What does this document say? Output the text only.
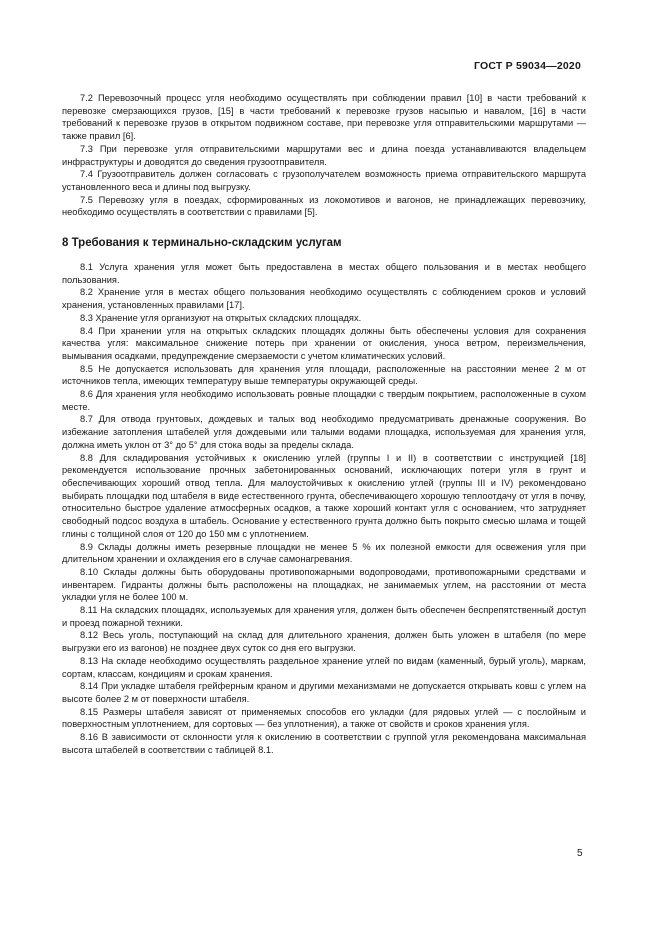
ГОСТ Р 59034—2020

7.2 Перевозочный процесс угля необходимо осуществлять при соблюдении правил [10] в части требований к перевозке смерзающихся грузов, [15] в части требований к перевозке грузов насыпью и навалом, [16] в части требований к перевозке грузов в открытом подвижном составе, при перевозке угля отправительскими маршрутами — также правил [6].

7.3 При перевозке угля отправительскими маршрутами вес и длина поезда устанавливаются владельцем инфраструктуры и доводятся до сведения грузоотправителя.

7.4 Грузоотправитель должен согласовать с грузополучателем возможность приема отправительского маршрута установленного веса и длины под выгрузку.

7.5 Перевозку угля в поездах, сформированных из локомотивов и вагонов, не принадлежащих перевозчику, необходимо осуществлять в соответствии с правилами [5].

8 Требования к терминально-складским услугам

8.1 Услуга хранения угля может быть предоставлена в местах общего пользования и в местах необщего пользования.

8.2 Хранение угля в местах общего пользования необходимо осуществлять с соблюдением сроков и условий хранения, установленных правилами [17].

8.3 Хранение угля организуют на открытых складских площадях.

8.4 При хранении угля на открытых складских площадях должны быть обеспечены условия для сохранения качества угля: максимальное снижение потерь при хранении от окисления, уноса ветром, переизмельчения, вымывания осадками, предупреждение смерзаемости с учетом климатических условий.

8.5 Не допускается использовать для хранения угля площади, расположенные на расстоянии менее 2 м от источников тепла, имеющих температуру выше температуры окружающей среды.

8.6 Для хранения угля необходимо использовать ровные площадки с твердым покрытием, расположенные в сухом месте.

8.7 Для отвода грунтовых, дождевых и талых вод необходимо предусматривать дренажные сооружения. Во избежание затопления штабелей угля дождевыми или талыми водами площадка, используемая для хранения угля, должна иметь уклон от 3° до 5° для стока воды за пределы склада.

8.8 Для складирования устойчивых к окислению углей (группы I и II) в соответствии с инструкцией [18] рекомендуется использование прочных забетонированных оснований, исключающих потери угля в грунт и обеспечивающих хороший отвод тепла. Для малоустойчивых к окислению углей (группы III и IV) рекомендовано выбирать площадки под штабеля в виде естественного грунта, обеспечивающего хорошую теплоотдачу от угля в почву, относительно быстрое удаление атмосферных осадков, а также хороший контакт угля с основанием, что затрудняет свободный подсос воздуха в штабель. Основание у естественного грунта должно быть покрыто смесью шлама и тощей глины с толщиной слоя от 120 до 150 мм с уплотнением.

8.9 Склады должны иметь резервные площадки не менее 5 % их полезной емкости для освежения угля при длительном хранении и охлаждения его в случае самонагревания.

8.10 Склады должны быть оборудованы противопожарными водопроводами, противопожарными средствами и инвентарем. Гидранты должны быть расположены на площадках, не занимаемых углем, на расстоянии от места укладки угля не более 100 м.

8.11 На складских площадях, используемых для хранения угля, должен быть обеспечен беспрепятственный доступ и проезд пожарной техники.

8.12 Весь уголь, поступающий на склад для длительного хранения, должен быть уложен в штабеля (по мере выгрузки его из вагонов) не позднее двух суток со дня его выгрузки.

8.13 На складе необходимо осуществлять раздельное хранение углей по видам (каменный, бурый уголь), маркам, сортам, классам, кондициям и срокам хранения.

8.14 При укладке штабеля грейферным краном и другими механизмами не допускается открывать ковш с углем на высоте более 2 м от поверхности штабеля.

8.15 Размеры штабеля зависят от применяемых способов его укладки (для рядовых углей — с послойным и поверхностным уплотнением, для сортовых — без уплотнения), а также от свойств и сроков хранения угля.

8.16 В зависимости от склонности угля к окислению в соответствии с группой угля рекомендована максимальная высота штабелей в соответствии с таблицей 8.1.

5
